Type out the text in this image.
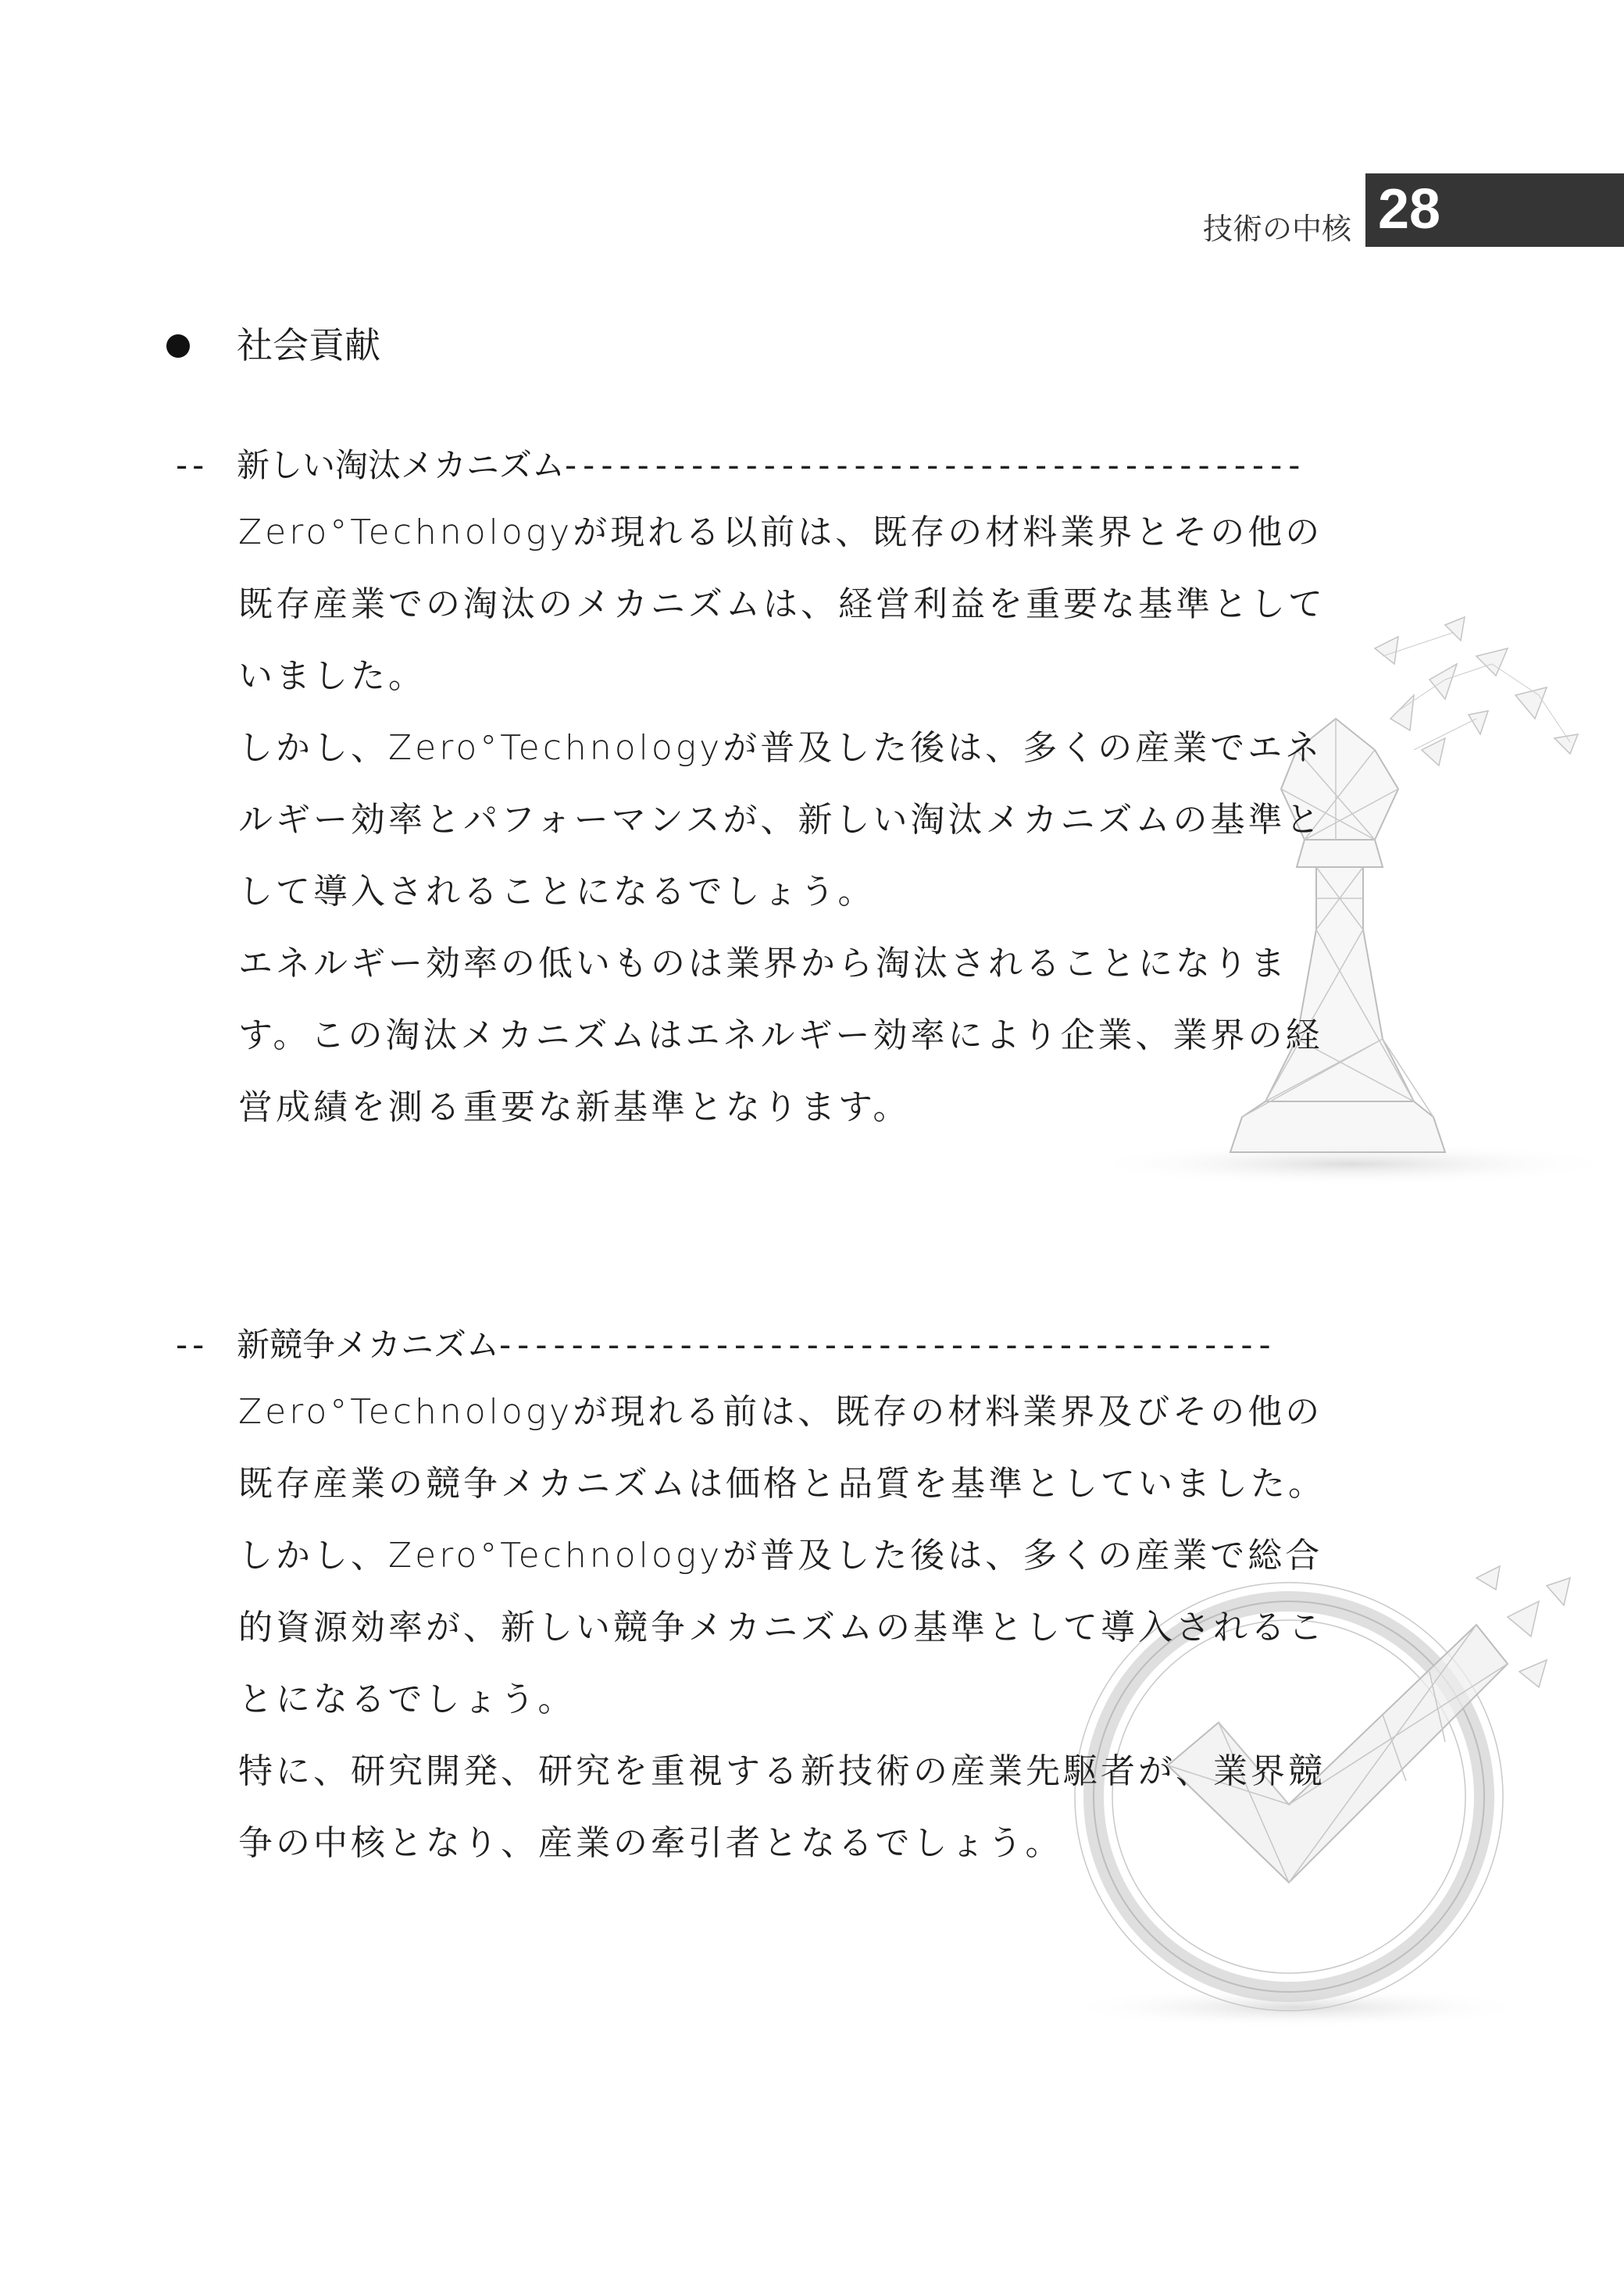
技術の中核 28
社会貢献
-- 新しい淘汰メカニズム-----------------------------------------

Zero°Technologyが現れる以前は、既存の材料業界とその他の既存産業での淘汰のメカニズムは、経営利益を重要な基準としていました。

しかし、Zero°Technologyが普及した後は、多くの産業でエネルギー効率とパフォーマンスが、新しい淘汰メカニズムの基準として導入されることになるでしょう。

エネルギー効率の低いものは業界から淘汰されることになります。この淘汰メカニズムはエネルギー効率により企業、業界の経営成績を測る重要な新基準となります。

-- 新競争メカニズム-------------------------------------------

Zero°Technologyが現れる前は、既存の材料業界及びその他の既存産業の競争メカニズムは価格と品質を基準としていました。

しかし、Zero°Technologyが普及した後は、多くの産業で総合的資源効率が、新しい競争メカニズムの基準として導入されることになるでしょう。

特に、研究開発、研究を重視する新技術の産業先駆者が、業界競争の中核となり、産業の牽引者となるでしょう。
